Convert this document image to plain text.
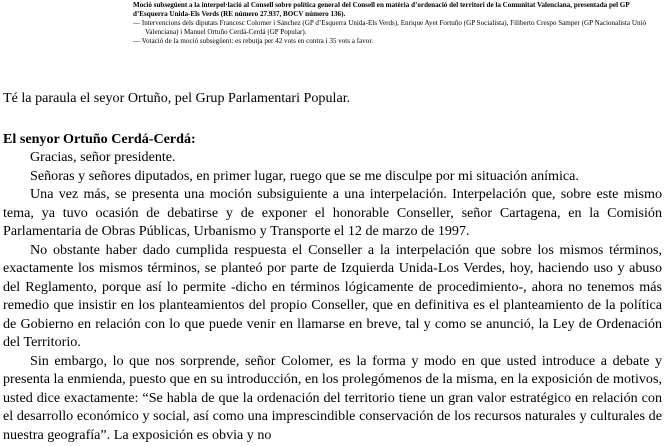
Moció subsegüent a la interpel·lació al Consell sobre política general del Consell en matèria d’ordenació del territori de la Comunitat Valenciana, presentada pel GP d’Esquerra Unida-Els Verds (RE número 27.937, BOCV número 136).

— Intervencions dels diputats Francesc Colomer i Sánchez (GP d’Esquerra Unida-Els Verds), Enrique Ayet Fortuño (GP Socialista), Filiberto Crespo Samper (GP Nacionalista Unió Valenciana) i Manuel Ortuño Cerdá-Cerdá (GP Popular).

— Votació de la moció subsegüent: es rebutja per 42 vots en contra i 35 vots a favor.

Té la paraula el seyor Ortuño, pel Grup Parlamentari Popular.

El senyor Ortuño Cerdá-Cerdá:

Gracias, señor presidente.

Señoras y señores diputados, en primer lugar, ruego que se me disculpe por mi situación anímica.

Una vez más, se presenta una moción subsiguiente a una interpelación. Interpelación que, sobre este mismo tema, ya tuvo ocasión de debatirse y de exponer el honorable Conseller, señor Cartagena, en la Comisión Parlamentaria de Obras Públicas, Urbanismo y Transporte el 12 de marzo de 1997.

No obstante haber dado cumplida respuesta el Conseller a la interpelación que sobre los mismos términos, exactamente los mismos términos, se planteó por parte de Izquierda Unida-Los Verdes, hoy, haciendo uso y abuso del Reglamento, porque así lo permite -dicho en términos lógicamente de procedimiento-, ahora no tenemos más remedio que insistir en los planteamientos del propio Conseller, que en definitiva es el planteamiento de la política de Gobierno en relación con lo que puede venir en llamarse en breve, tal y como se anunció, la Ley de Ordenación del Territorio.

Sin embargo, lo que nos sorprende, señor Colomer, es la forma y modo en que usted introduce a debate y presenta la enmienda, puesto que en su introducción, en los prolegómenos de la misma, en la exposición de motivos, usted dice exactamente: “Se habla de que la ordenación del territorio tiene un gran valor estratégico en relación con el desarrollo económico y social, así como una imprescindible conservación de los recursos naturales y culturales de nuestra geografía”. La exposición es obvia y no
